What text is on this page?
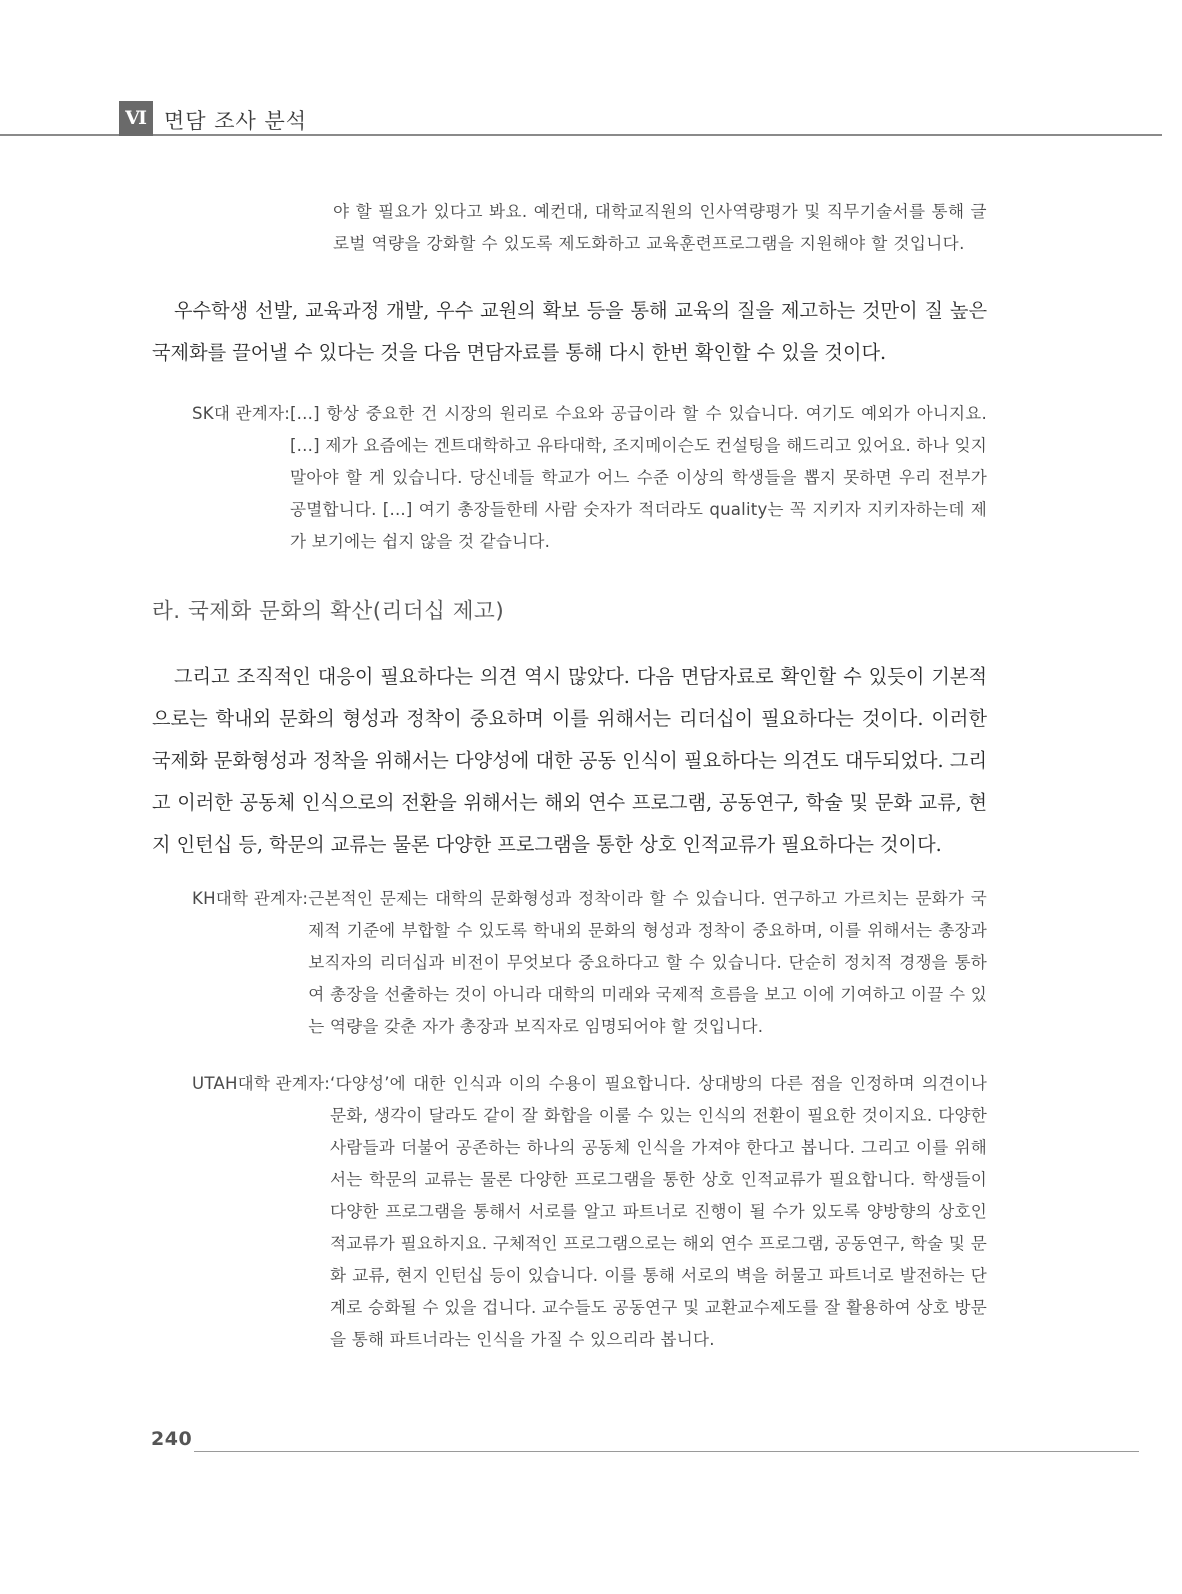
Ⅵ 면담 조사 분석
야 할 필요가 있다고 봐요. 예컨대, 대학교직원의 인사역량평가 및 직무기술서를 통해 글로벌 역량을 강화할 수 있도록 제도화하고 교육훈련프로그램을 지원해야 할 것입니다.
우수학생 선발, 교육과정 개발, 우수 교원의 확보 등을 통해 교육의 질을 제고하는 것만이 질 높은 국제화를 끌어낼 수 있다는 것을 다음 면담자료를 통해 다시 한번 확인할 수 있을 것이다.
SK대 관계자: [...] 항상 중요한 건 시장의 원리로 수요와 공급이라 할 수 있습니다. 여기도 예외가 아니지요. [...] 제가 요즘에는 겐트대학하고 유타대학, 조지메이슨도 컨설팅을 해드리고 있어요. 하나 잊지 말아야 할 게 있습니다. 당신네들 학교가 어느 수준 이상의 학생들을 뽑지 못하면 우리 전부가 공멸합니다. [...] 여기 총장들한테 사람 숫자가 적더라도 quality는 꼭 지키자 지키자하는데 제가 보기에는 쉽지 않을 것 같습니다.
라. 국제화 문화의 확산(리더십 제고)
그리고 조직적인 대응이 필요하다는 의견 역시 많았다. 다음 면담자료로 확인할 수 있듯이 기본적으로는 학내외 문화의 형성과 정착이 중요하며 이를 위해서는 리더십이 필요하다는 것이다. 이러한 국제화 문화형성과 정착을 위해서는 다양성에 대한 공동 인식이 필요하다는 의견도 대두되었다. 그리고 이러한 공동체 인식으로의 전환을 위해서는 해외 연수 프로그램, 공동연구, 학술 및 문화 교류, 현지 인턴십 등, 학문의 교류는 물론 다양한 프로그램을 통한 상호 인적교류가 필요하다는 것이다.
KH대학 관계자: 근본적인 문제는 대학의 문화형성과 정착이라 할 수 있습니다. 연구하고 가르치는 문화가 국제적 기준에 부합할 수 있도록 학내외 문화의 형성과 정착이 중요하며, 이를 위해서는 총장과 보직자의 리더십과 비전이 무엇보다 중요하다고 할 수 있습니다. 단순히 정치적 경쟁을 통하여 총장을 선출하는 것이 아니라 대학의 미래와 국제적 흐름을 보고 이에 기여하고 이끌 수 있는 역량을 갖춘 자가 총장과 보직자로 임명되어야 할 것입니다.
UTAH대학 관계자: ‘다양성’에 대한 인식과 이의 수용이 필요합니다. 상대방의 다른 점을 인정하며 의견이나 문화, 생각이 달라도 같이 잘 화합을 이룰 수 있는 인식의 전환이 필요한 것이지요. 다양한 사람들과 더불어 공존하는 하나의 공동체 인식을 가져야 한다고 봅니다. 그리고 이를 위해서는 학문의 교류는 물론 다양한 프로그램을 통한 상호 인적교류가 필요합니다. 학생들이 다양한 프로그램을 통해서 서로를 알고 파트너로 진행이 될 수가 있도록 양방향의 상호인적교류가 필요하지요. 구체적인 프로그램으로는 해외 연수 프로그램, 공동연구, 학술 및 문화 교류, 현지 인턴십 등이 있습니다. 이를 통해 서로의 벽을 허물고 파트너로 발전하는 단계로 승화될 수 있을 겁니다. 교수들도 공동연구 및 교환교수제도를 잘 활용하여 상호 방문을 통해 파트너라는 인식을 가질 수 있으리라 봅니다.
240
